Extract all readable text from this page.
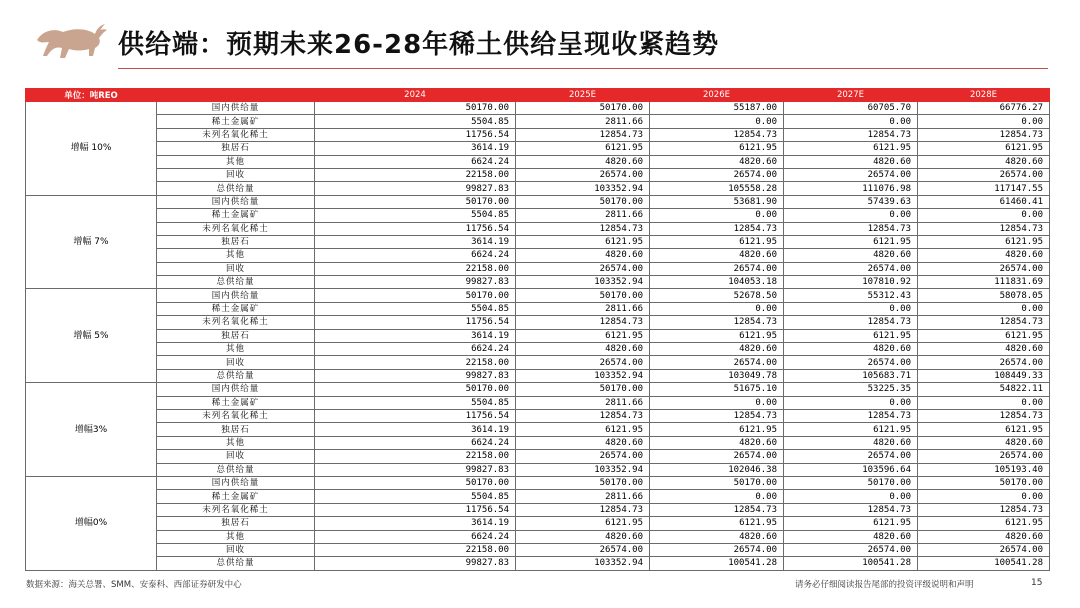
供给端：预期未来26-28年稀土供给呈现收紧趋势
单位：吨REO		2024	2025E	2026E	2027E	2028E
增幅 10%	国内供给量	50170.00	50170.00	55187.00	60705.70	66776.27
	稀土金属矿	5504.85	2811.66	0.00	0.00	0.00
	未列名氧化稀土	11756.54	12854.73	12854.73	12854.73	12854.73
	独居石	3614.19	6121.95	6121.95	6121.95	6121.95
	其他	6624.24	4820.60	4820.60	4820.60	4820.60
	回收	22158.00	26574.00	26574.00	26574.00	26574.00
	总供给量	99827.83	103352.94	105558.28	111076.98	117147.55
增幅 7%	国内供给量	50170.00	50170.00	53681.90	57439.63	61460.41
	稀土金属矿	5504.85	2811.66	0.00	0.00	0.00
	未列名氧化稀土	11756.54	12854.73	12854.73	12854.73	12854.73
	独居石	3614.19	6121.95	6121.95	6121.95	6121.95
	其他	6624.24	4820.60	4820.60	4820.60	4820.60
	回收	22158.00	26574.00	26574.00	26574.00	26574.00
	总供给量	99827.83	103352.94	104053.18	107810.92	111831.69
增幅 5%	国内供给量	50170.00	50170.00	52678.50	55312.43	58078.05
	稀土金属矿	5504.85	2811.66	0.00	0.00	0.00
	未列名氧化稀土	11756.54	12854.73	12854.73	12854.73	12854.73
	独居石	3614.19	6121.95	6121.95	6121.95	6121.95
	其他	6624.24	4820.60	4820.60	4820.60	4820.60
	回收	22158.00	26574.00	26574.00	26574.00	26574.00
	总供给量	99827.83	103352.94	103049.78	105683.71	108449.33
增幅3%	国内供给量	50170.00	50170.00	51675.10	53225.35	54822.11
	稀土金属矿	5504.85	2811.66	0.00	0.00	0.00
	未列名氧化稀土	11756.54	12854.73	12854.73	12854.73	12854.73
	独居石	3614.19	6121.95	6121.95	6121.95	6121.95
	其他	6624.24	4820.60	4820.60	4820.60	4820.60
	回收	22158.00	26574.00	26574.00	26574.00	26574.00
	总供给量	99827.83	103352.94	102046.38	103596.64	105193.40
增幅0%	国内供给量	50170.00	50170.00	50170.00	50170.00	50170.00
	稀土金属矿	5504.85	2811.66	0.00	0.00	0.00
	未列名氧化稀土	11756.54	12854.73	12854.73	12854.73	12854.73
	独居石	3614.19	6121.95	6121.95	6121.95	6121.95
	其他	6624.24	4820.60	4820.60	4820.60	4820.60
	回收	22158.00	26574.00	26574.00	26574.00	26574.00
	总供给量	99827.83	103352.94	100541.28	100541.28	100541.28
数据来源：海关总署、SMM、安泰科、西部证券研发中心	请务必仔细阅读报告尾部的投资评级说明和声明	15
